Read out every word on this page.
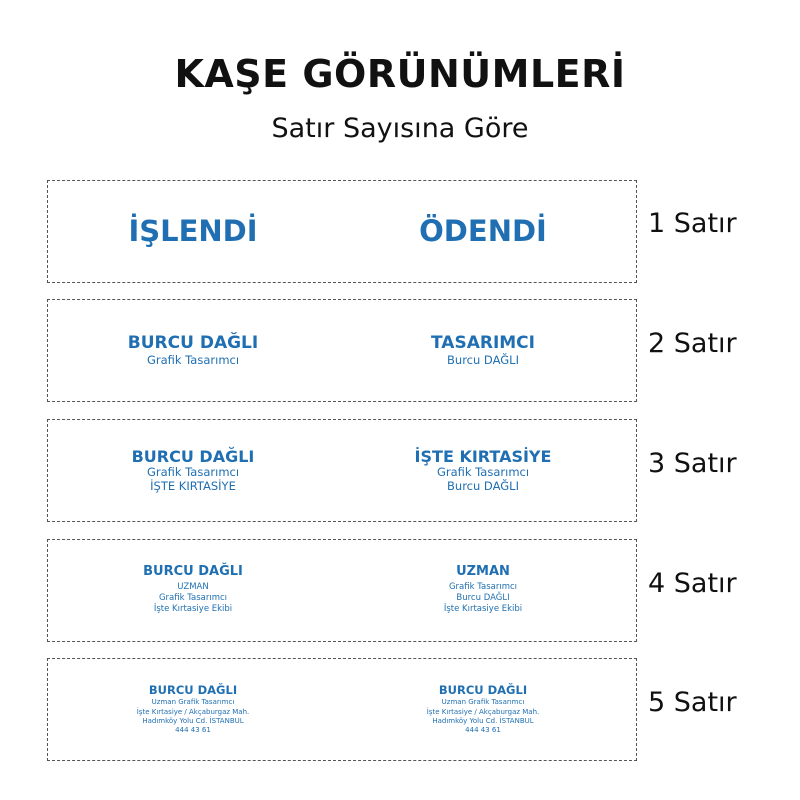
KAŞE GÖRÜNÜMLERİ
Satır Sayısına Göre
İŞLENDİ	ÖDENDİ	1 Satır
BURCU DAĞLI
Grafik Tasarımcı
TASARIMCI
Burcu DAĞLI
2 Satır
BURCU DAĞLI
Grafik Tasarımcı
İŞTE KIRTASİYE
İŞTE KIRTASİYE
Grafik Tasarımcı
Burcu DAĞLI
3 Satır
BURCU DAĞLI
UZMAN
Grafik Tasarımcı
İşte Kırtasiye Ekibi
UZMAN
Grafik Tasarımcı
Burcu DAĞLI
İşte Kırtasiye Ekibi
4 Satır
BURCU DAĞLI
Uzman Grafik Tasarımcı
İşte Kırtasiye / Akçaburgaz Mah.
Hadımköy Yolu Cd. İSTANBUL
444 43 61
BURCU DAĞLI
Uzman Grafik Tasarımcı
İşte Kırtasiye / Akçaburgaz Mah.
Hadımköy Yolu Cd. İSTANBUL
444 43 61
5 Satır
